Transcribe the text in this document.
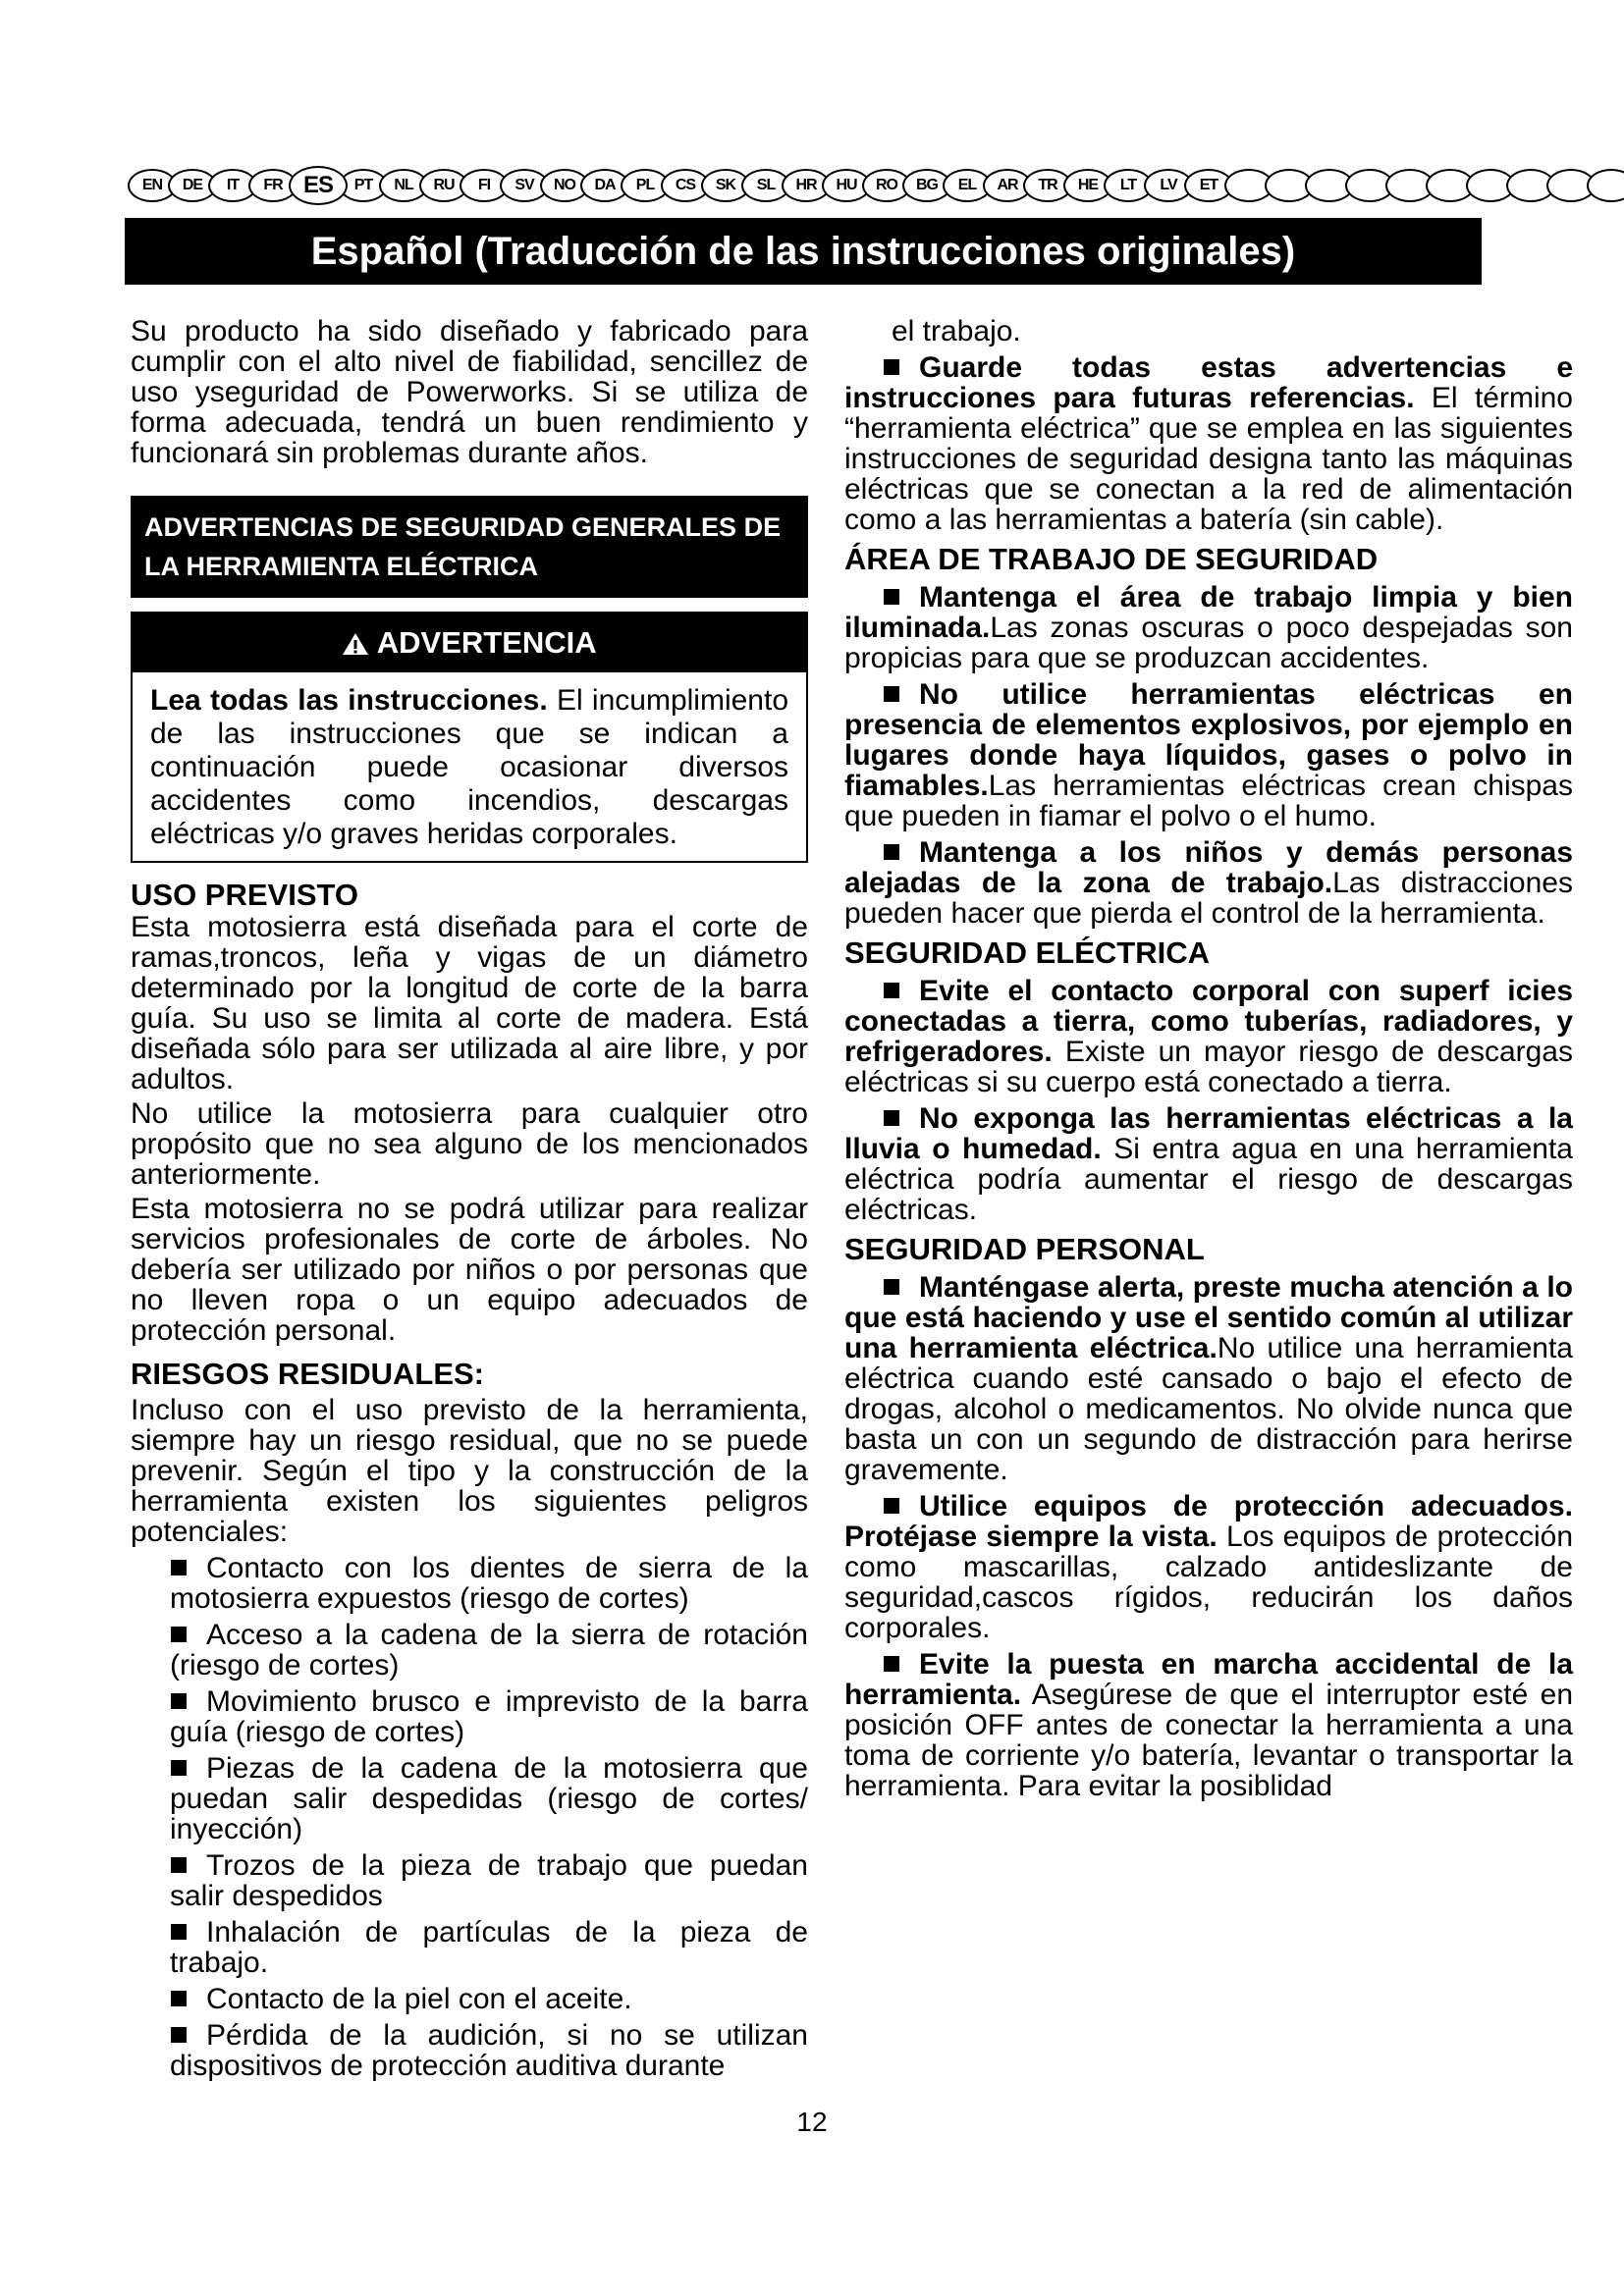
EN	DE	IT	FR ES	PT	NL	RU	FI	SV	NO	DA	PL	CS	SK	SL	HR	HU	RO	BG	EL	AR	TR	HE	LT	LV	ET
Español (Traducción de las instrucciones originales)

Su producto ha sido diseñado y fabricado para cumplir con el alto nivel de fiabilidad, sencillez de uso yseguridad de Powerworks. Si se utiliza de forma adecuada, tendrá un buen rendimiento y funcionará sin problemas durante años.

ADVERTENCIAS DE SEGURIDAD GENERALES DE LA HERRAMIENTA ELÉCTRICA
ADVERTENCIA
Lea todas las instrucciones. El incumplimiento de las instrucciones que se indican a continuación puede ocasionar diversos accidentes como incendios, descargas eléctricas y/o graves heridas corporales.
USO PREVISTO

Esta motosierra está diseñada para el corte de ramas,troncos, leña y vigas de un diámetro determinado por la longitud de corte de la barra guía. Su uso se limita al corte de madera. Está diseñada sólo para ser utilizada al aire libre, y por adultos.

No utilice la motosierra para cualquier otro propósito que no sea alguno de los mencionados anteriormente.

Esta motosierra no se podrá utilizar para realizar servicios profesionales de corte de árboles. No debería ser utilizado por niños o por personas que no lleven ropa o un equipo adecuados de protección personal.

RIESGOS RESIDUALES:

Incluso con el uso previsto de la herramienta, siempre hay un riesgo residual, que no se puede prevenir. Según el tipo y la construcción de la herramienta existen los siguientes peligros potenciales:

Contacto con los dientes de sierra de la motosierra expuestos (riesgo de cortes)

Acceso a la cadena de la sierra de rotación (riesgo de cortes)

Movimiento brusco e imprevisto de la barra guía (riesgo de cortes)

Piezas de la cadena de la motosierra que puedan salir despedidas (riesgo de cortes/ inyección)

Trozos de la pieza de trabajo que puedan salir despedidos

Inhalación de partículas de la pieza de trabajo.

Contacto de la piel con el aceite.

Pérdida de la audición, si no se utilizan dispositivos de protección auditiva durante

el trabajo.

Guarde todas estas advertencias e instrucciones para futuras referencias. El término “herramienta eléctrica” que se emplea en las siguientes instrucciones de seguridad designa tanto las máquinas eléctricas que se conectan a la red de alimentación como a las herramientas a batería (sin cable).

ÁREA DE TRABAJO DE SEGURIDAD

Mantenga el área de trabajo limpia y bien iluminada.Las zonas oscuras o poco despejadas son propicias para que se produzcan accidentes.

No utilice herramientas eléctricas en presencia de elementos explosivos, por ejemplo en lugares donde haya líquidos, gases o polvo in fiamables.Las herramientas eléctricas crean chispas que pueden in fiamar el polvo o el humo.

Mantenga a los niños y demás personas alejadas de la zona de trabajo.Las distracciones pueden hacer que pierda el control de la herramienta.

SEGURIDAD ELÉCTRICA

Evite el contacto corporal con superf icies conectadas a tierra, como tuberías, radiadores, y refrigeradores. Existe un mayor riesgo de descargas eléctricas si su cuerpo está conectado a tierra.

No exponga las herramientas eléctricas a la lluvia o humedad. Si entra agua en una herramienta eléctrica podría aumentar el riesgo de descargas eléctricas.

SEGURIDAD PERSONAL

Manténgase alerta, preste mucha atención a lo que está haciendo y use el sentido común al utilizar una herramienta eléctrica.No utilice una herramienta eléctrica cuando esté cansado o bajo el efecto de drogas, alcohol o medicamentos. No olvide nunca que basta un con un segundo de distracción para herirse gravemente.

Utilice equipos de protección adecuados. Protéjase siempre la vista. Los equipos de protección como mascarillas, calzado antideslizante de seguridad,cascos rígidos, reducirán los daños corporales.

Evite la puesta en marcha accidental de la herramienta. Asegúrese de que el interruptor esté en posición OFF antes de conectar la herramienta a una toma de corriente y/o batería, levantar o transportar la herramienta. Para evitar la posiblidad

12
